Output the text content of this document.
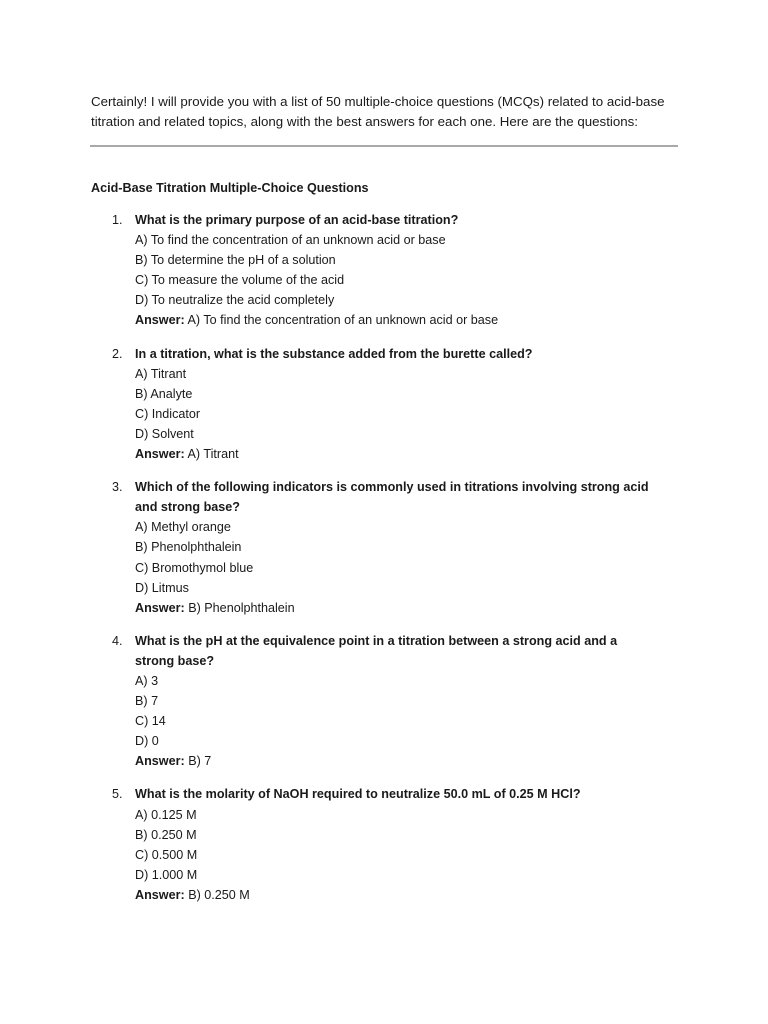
Certainly! I will provide you with a list of 50 multiple-choice questions (MCQs) related to acid-base titration and related topics, along with the best answers for each one. Here are the questions:

Acid-Base Titration Multiple-Choice Questions

1. What is the primary purpose of an acid-base titration?
A) To find the concentration of an unknown acid or base
B) To determine the pH of a solution
C) To measure the volume of the acid
D) To neutralize the acid completely
Answer: A) To find the concentration of an unknown acid or base
2. In a titration, what is the substance added from the burette called?
A) Titrant
B) Analyte
C) Indicator
D) Solvent
Answer: A) Titrant
3. Which of the following indicators is commonly used in titrations involving strong acid and strong base?
A) Methyl orange
B) Phenolphthalein
C) Bromothymol blue
D) Litmus
Answer: B) Phenolphthalein
4. What is the pH at the equivalence point in a titration between a strong acid and a strong base?
A) 3
B) 7
C) 14
D) 0
Answer: B) 7
5. What is the molarity of NaOH required to neutralize 50.0 mL of 0.25 M HCl?
A) 0.125 M
B) 0.250 M
C) 0.500 M
D) 1.000 M
Answer: B) 0.250 M
